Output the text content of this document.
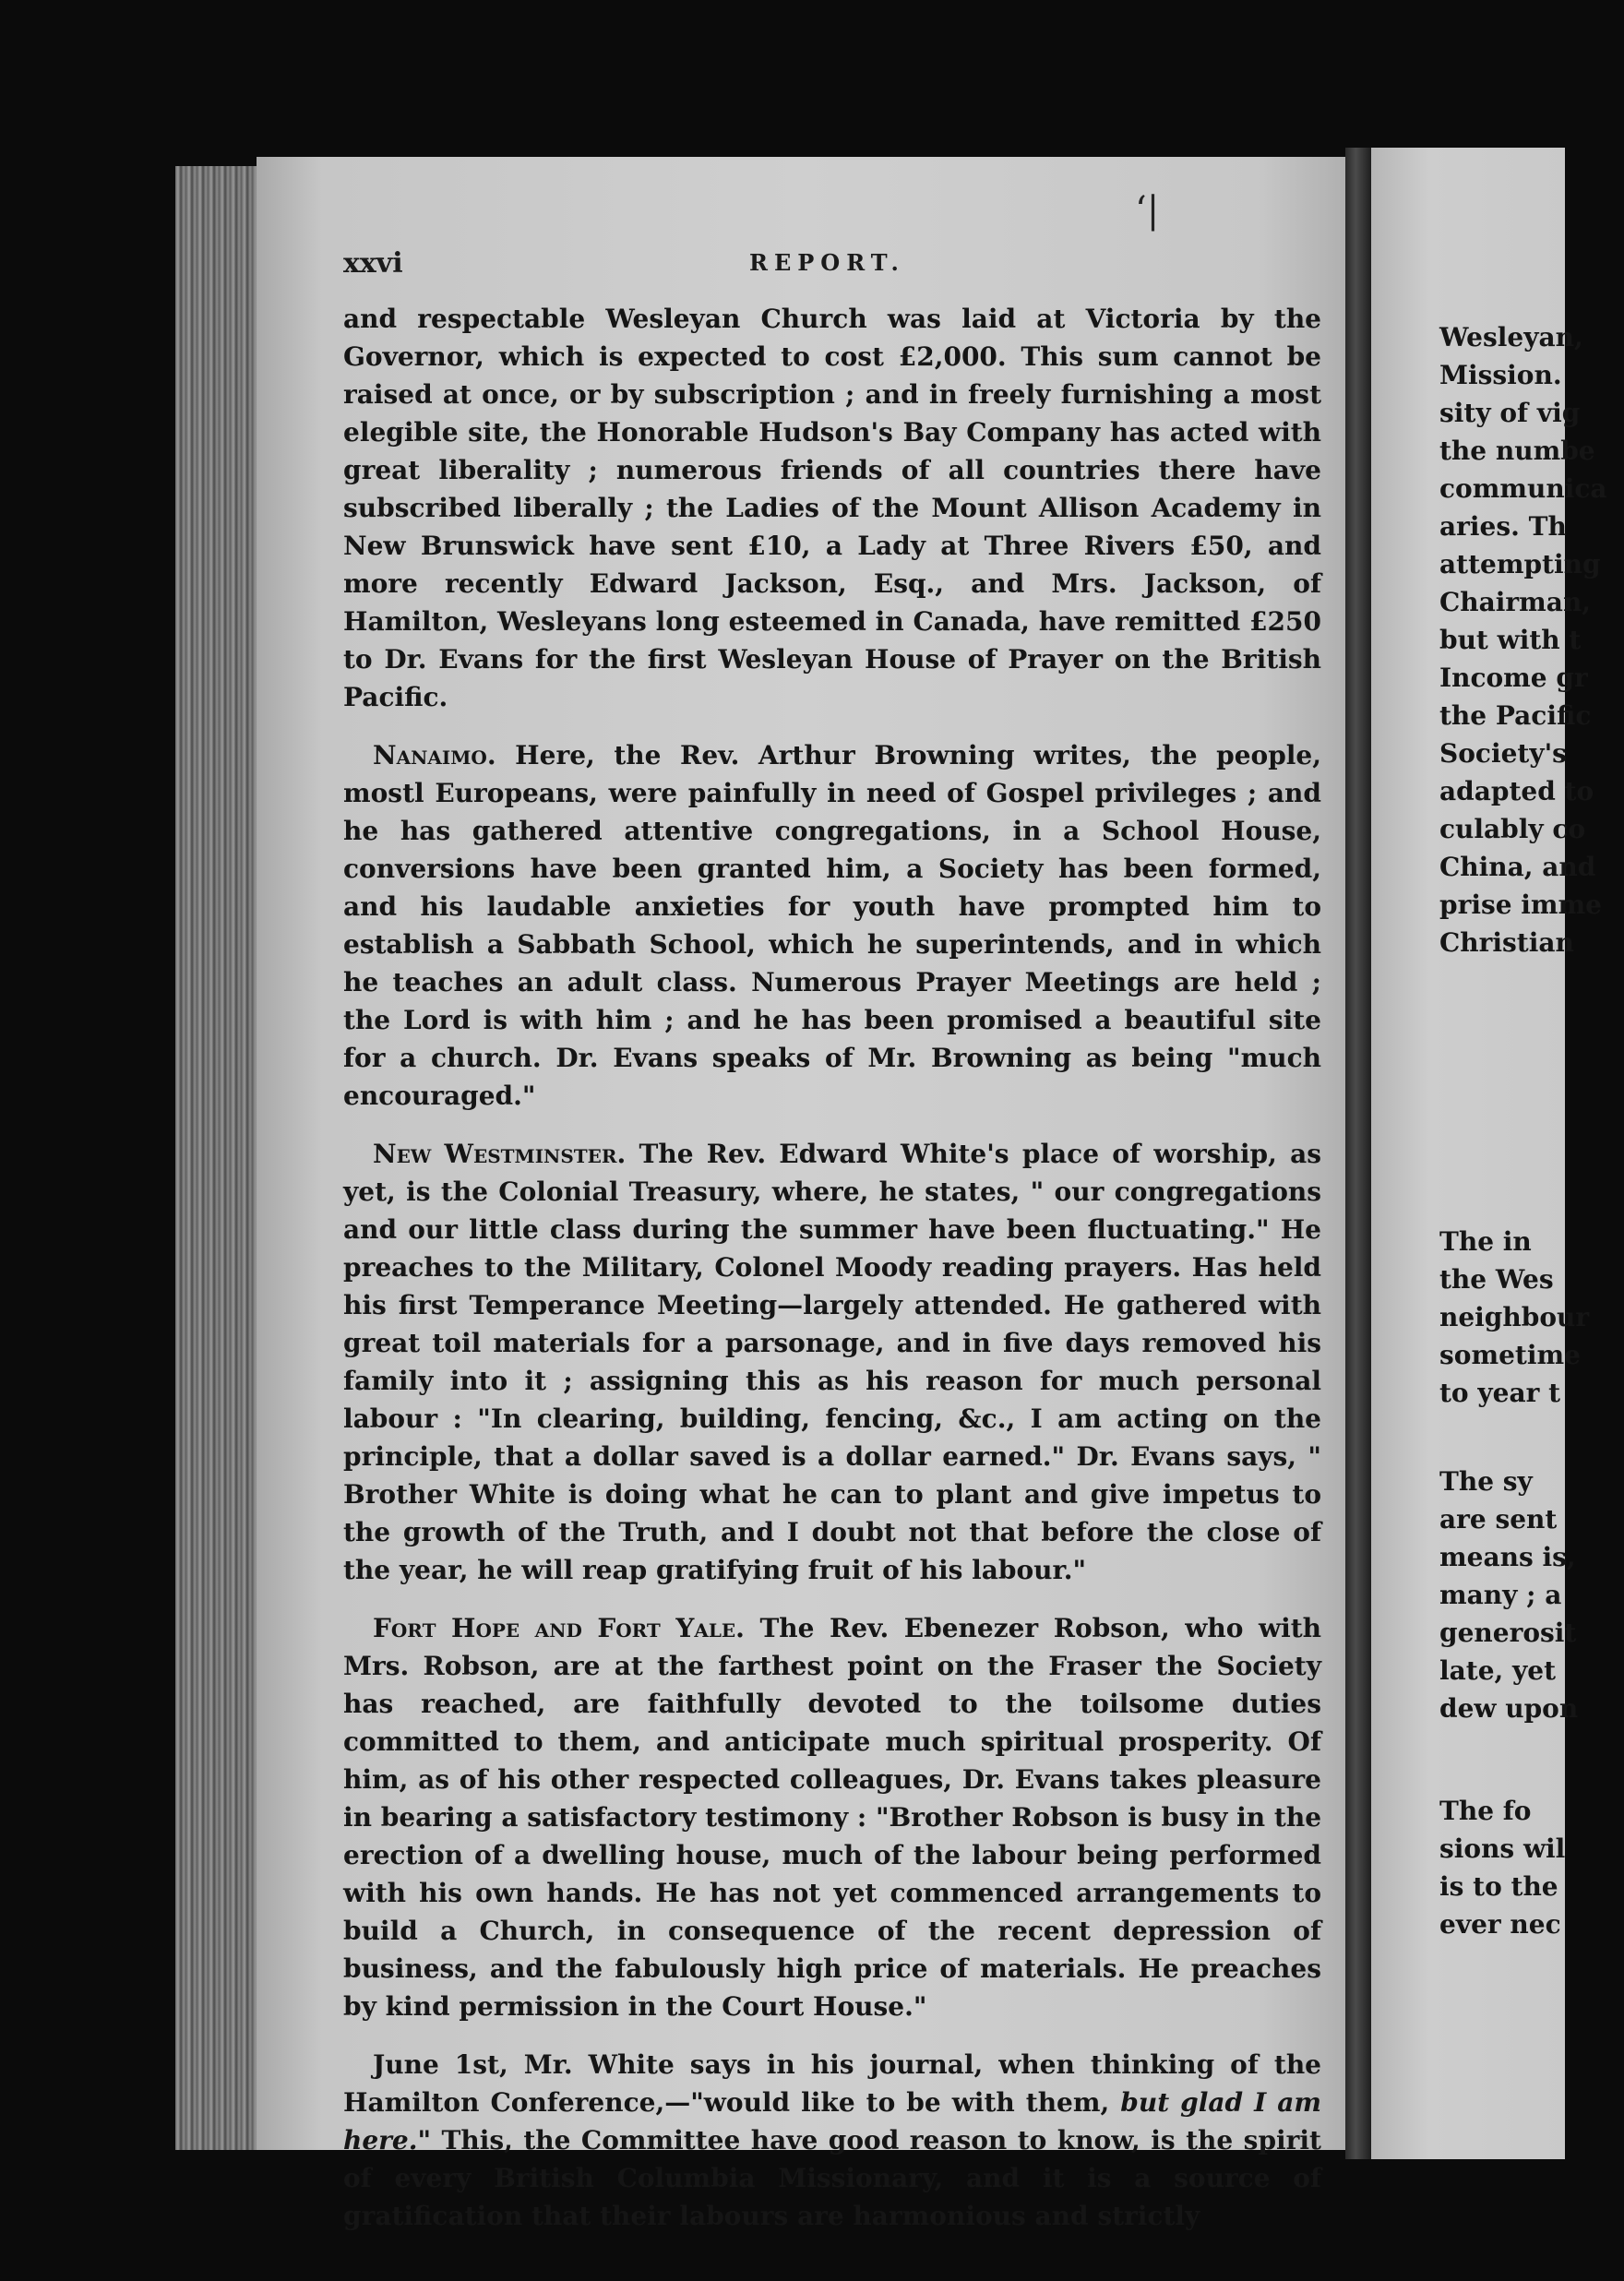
xxvi	REPORT.

and respectable Wesleyan Church was laid at Victoria by the Governor, which is expected to cost £2,000. This sum cannot be raised at once, or by subscription ; and in freely furnishing a most elegible site, the Honorable Hudson's Bay Company has acted with great liberality ; numerous friends of all countries there have subscribed liberally ; the Ladies of the Mount Allison Academy in New Brunswick have sent £10, a Lady at Three Rivers £50, and more recently Edward Jackson, Esq., and Mrs. Jackson, of Hamilton, Wesleyans long esteemed in Canada, have remitted £250 to Dr. Evans for the first Wesleyan House of Prayer on the British Pacific.

Nanaimo. Here, the Rev. Arthur Browning writes, the people, mostl Europeans, were painfully in need of Gospel privileges ; and he has gathered attentive congregations, in a School House, conversions have been granted him, a Society has been formed, and his laudable anxieties for youth have prompted him to establish a Sabbath School, which he superintends, and in which he teaches an adult class. Numerous Prayer Meetings are held ; the Lord is with him ; and he has been promised a beautiful site for a church. Dr. Evans speaks of Mr. Browning as being "much encouraged."

New Westminster. The Rev. Edward White's place of worship, as yet, is the Colonial Treasury, where, he states, " our congregations and our little class during the summer have been fluctuating." He preaches to the Military, Colonel Moody reading prayers. Has held his first Temperance Meeting—largely attended. He gathered with great toil materials for a parsonage, and in five days removed his family into it ; assigning this as his reason for much personal labour : "In clearing, building, fencing, &c., I am acting on the principle, that a dollar saved is a dollar earned." Dr. Evans says, " Brother White is doing what he can to plant and give impetus to the growth of the Truth, and I doubt not that before the close of the year, he will reap gratifying fruit of his labour."

Fort Hope and Fort Yale. The Rev. Ebenezer Robson, who with Mrs. Robson, are at the farthest point on the Fraser the Society has reached, are faithfully devoted to the toilsome duties committed to them, and anticipate much spiritual prosperity. Of him, as of his other respected colleagues, Dr. Evans takes pleasure in bearing a satisfactory testimony : "Brother Robson is busy in the erection of a dwelling house, much of the labour being performed with his own hands. He has not yet commenced arrangements to build a Church, in consequence of the recent depression of business, and the fabulously high price of materials. He preaches by kind permission in the Court House."

June 1st, Mr. White says in his journal, when thinking of the Hamilton Conference,—"would like to be with them, but glad I am here." This, the Committee have good reason to know, is the spirit of every British Columbia Missionary, and it is a source of gratification that their labours are harmonious and strictly

Wesleyan,
Mission.
sity of vig
the numbe
communica
aries. Th
attempting
Chairman,
but with t
Income gr
the Pacific
Society's
adapted to
culably co
China, and
prise imme
Christian
The in
the Wes
neighbour
sometime
to year t
The sy
are sent
means is,
many ; a
generosit
late, yet
dew upon
The fo
sions wil
is to the
ever nec
ʻ|
